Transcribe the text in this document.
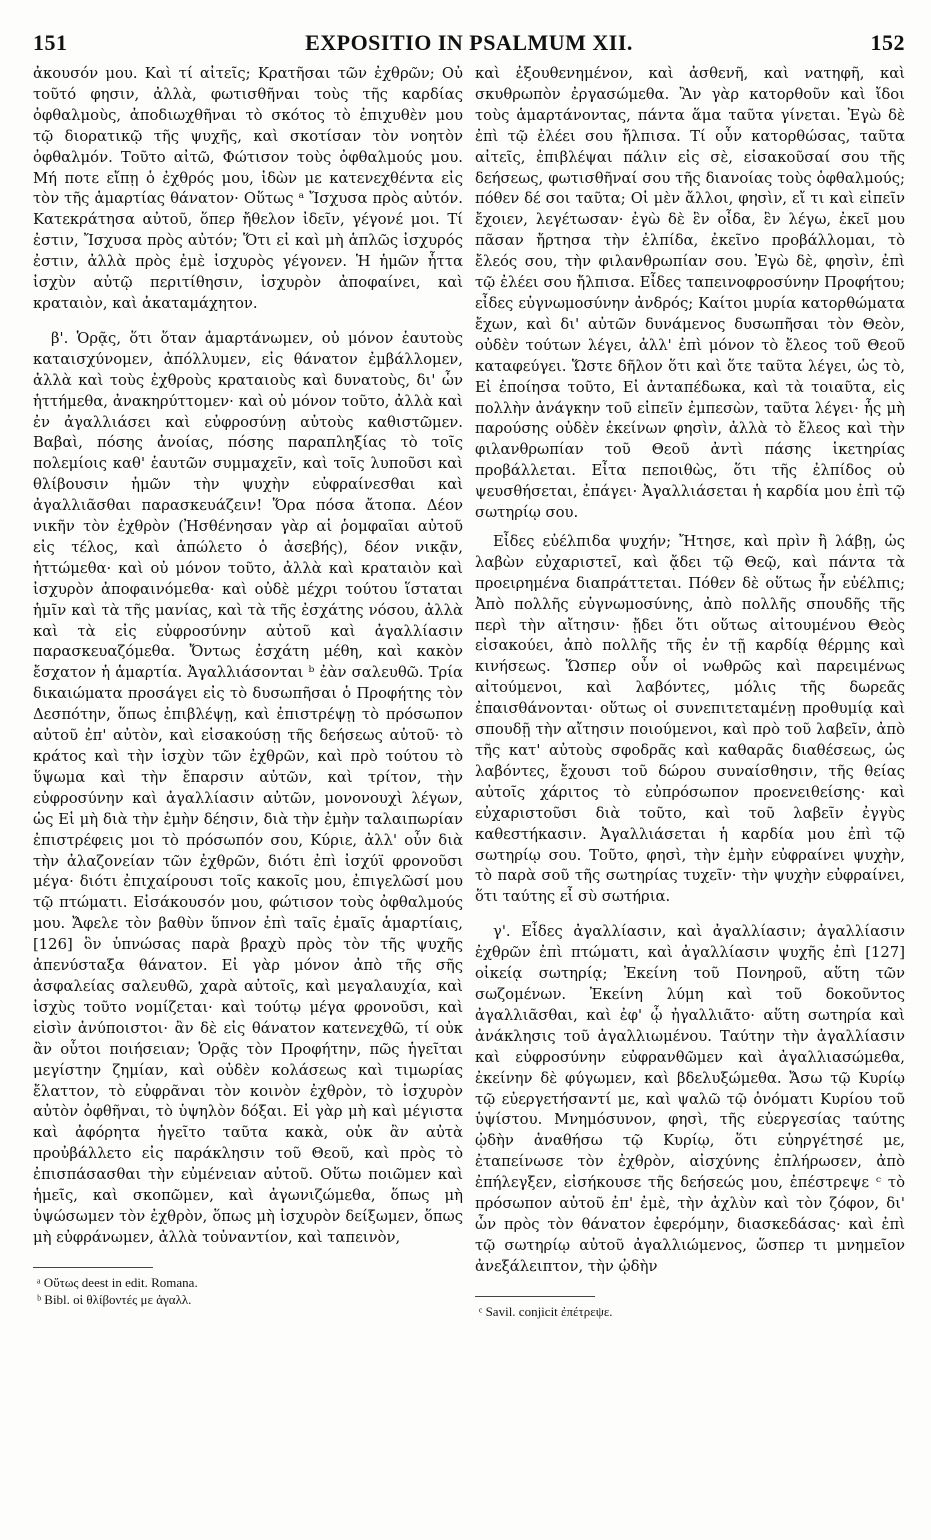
151	EXPOSITIO IN PSALMUM XII.	152

ἀκουσόν μου. Καὶ τί αἰτεῖς; Κρατῆσαι τῶν ἐχθρῶν; Οὐ τοῦτό φησιν, ἀλλὰ, φωτισθῆναι τοὺς τῆς καρδίας ὀφθαλμοὺς, ἀποδιωχθῆναι τὸ σκότος τὸ ἐπιχυθὲν μου τῷ διορατικῷ τῆς ψυχῆς, καὶ σκοτίσαν τὸν νοητὸν ὀφθαλμόν. Τοῦτο αἰτῶ, Φώτισον τοὺς ὀφθαλμούς μου. Μή ποτε εἴπῃ ὁ ἐχθρός μου, ἰδὼν με κατενεχθέντα εἰς τὸν τῆς ἁμαρτίας θάνατον· Οὕτως ᵃ Ἴσχυσα πρὸς αὐτόν. Κατεκράτησα αὐτοῦ, ὅπερ ἤθελον ἰδεῖν, γέγονέ μοι. Τί ἐστιν, Ἴσχυσα πρὸς αὐτόν; Ὅτι εἰ καὶ μὴ ἁπλῶς ἰσχυρός ἐστιν, ἀλλὰ πρὸς ἐμὲ ἰσχυρὸς γέγονεν. Ἡ ἡμῶν ἧττα ἰσχὺν αὐτῷ περιτίθησιν, ἰσχυρὸν ἀποφαίνει, καὶ κραταιὸν, καὶ ἀκαταμάχητον.

β'. Ὁρᾷς, ὅτι ὅταν ἁμαρτάνωμεν, οὐ μόνον ἑαυτοὺς καταισχύνομεν, ἀπόλλυμεν, εἰς θάνατον ἐμβάλλομεν, ἀλλὰ καὶ τοὺς ἐχθροὺς κραταιοὺς καὶ δυνατοὺς, δι' ὧν ἡττήμεθα, ἀνακηρύττομεν· καὶ οὐ μόνον τοῦτο, ἀλλὰ καὶ ἐν ἀγαλλιάσει καὶ εὐφροσύνῃ αὐτοὺς καθιστῶμεν. Βαβαὶ, πόσης ἀνοίας, πόσης παραπληξίας τὸ τοῖς πολεμίοις καθ' ἑαυτῶν συμμαχεῖν, καὶ τοῖς λυποῦσι καὶ θλίβουσιν ἡμῶν τὴν ψυχὴν εὐφραίνεσθαι καὶ ἀγαλλιᾶσθαι παρασκευάζειν! Ὅρα πόσα ἄτοπα. Δέον νικῆν τὸν ἐχθρὸν (Ἠσθένησαν γὰρ αἱ ῥομφαῖαι αὐτοῦ εἰς τέλος, καὶ ἀπώλετο ὁ ἀσεβής), δέον νικᾷν, ἡττώμεθα· καὶ οὐ μόνον τοῦτο, ἀλλὰ καὶ κραταιὸν καὶ ἰσχυρὸν ἀποφαινόμεθα· καὶ οὐδὲ μέχρι τούτου ἵσταται ἡμῖν καὶ τὰ τῆς μανίας, καὶ τὰ τῆς ἐσχάτης νόσου, ἀλλὰ καὶ τὰ εἰς εὐφροσύνην αὐτοῦ καὶ ἀγαλλίασιν παρασκευαζόμεθα. Ὄντως ἐσχάτη μέθη, καὶ κακὸν ἔσχατον ἡ ἁμαρτία. Ἀγαλλιάσονται ᵇ ἐὰν σαλευθῶ. Τρία δικαιώματα προσάγει εἰς τὸ δυσωπῆσαι ὁ Προφήτης τὸν Δεσπότην, ὅπως ἐπιβλέψῃ, καὶ ἐπιστρέψῃ τὸ πρόσωπον αὐτοῦ ἐπ' αὐτὸν, καὶ εἰσακούσῃ τῆς δεήσεως αὐτοῦ· τὸ κράτος καὶ τὴν ἰσχὺν τῶν ἐχθρῶν, καὶ πρὸ τούτου τὸ ὕψωμα καὶ τὴν ἔπαρσιν αὐτῶν, καὶ τρίτον, τὴν εὐφροσύνην καὶ ἀγαλλίασιν αὐτῶν, μονονουχὶ λέγων, ὡς Εἰ μὴ διὰ τὴν ἐμὴν δέησιν, διὰ τὴν ἐμὴν ταλαιπωρίαν ἐπιστρέφεις μοι τὸ πρόσωπόν σου, Κύριε, ἀλλ' οὖν διὰ τὴν ἀλαζονείαν τῶν ἐχθρῶν, διότι ἐπὶ ἰσχύϊ φρονοῦσι μέγα· διότι ἐπιχαίρουσι τοῖς κακοῖς μου, ἐπιγελῶσί μου τῷ πτώματι. Εἰσάκουσόν μου, φώτισον τοὺς ὀφθαλμούς μου. Ἄφελε τὸν βαθὺν ὕπνον ἐπὶ ταῖς ἐμαῖς ἁμαρτίαις, [126] ὃν ὑπνώσας παρὰ βραχὺ πρὸς τὸν τῆς ψυχῆς ἀπενύσταξα θάνατον. Εἰ γὰρ μόνον ἀπὸ τῆς σῆς ἀσφαλείας σαλευθῶ, χαρὰ αὐτοῖς, καὶ μεγαλαυχία, καὶ ἰσχὺς τοῦτο νομίζεται· καὶ τούτῳ μέγα φρονοῦσι, καὶ εἰσὶν ἀνύποιστοι· ἂν δὲ εἰς θάνατον κατενεχθῶ, τί οὐκ ἂν οὗτοι ποιήσειαν; Ὁρᾷς τὸν Προφήτην, πῶς ἡγεῖται μεγίστην ζημίαν, καὶ οὐδὲν κολάσεως καὶ τιμωρίας ἔλαττον, τὸ εὐφρᾶναι τὸν κοινὸν ἐχθρὸν, τὸ ἰσχυρὸν αὐτὸν ὀφθῆναι, τὸ ὑψηλὸν δόξαι. Εἰ γὰρ μὴ καὶ μέγιστα καὶ ἀφόρητα ἡγεῖτο ταῦτα κακὰ, οὐκ ἂν αὐτὰ προὐβάλλετο εἰς παράκλησιν τοῦ Θεοῦ, καὶ πρὸς τὸ ἐπισπάσασθαι τὴν εὐμένειαν αὐτοῦ. Οὕτω ποιῶμεν καὶ ἡμεῖς, καὶ σκοπῶμεν, καὶ ἀγωνιζώμεθα, ὅπως μὴ ὑψώσωμεν τὸν ἐχθρὸν, ὅπως μὴ ἰσχυρὸν δείξωμεν, ὅπως μὴ εὐφράνωμεν, ἀλλὰ τοὐναντίον, καὶ ταπεινὸν,

ᵃ Οὕτως deest in edit. Romana.
ᵇ Bibl. οἱ θλίβοντές με ἀγαλλ.

καὶ ἐξουθενημένον, καὶ ἀσθενῆ, καὶ νατηφῆ, καὶ σκυθρωπὸν ἐργασώμεθα. Ἂν γὰρ κατορθοῦν καὶ ἴδοι τοὺς ἁμαρτάνοντας, πάντα ἅμα ταῦτα γίνεται. Ἐγὼ δὲ ἐπὶ τῷ ἐλέει σου ἤλπισα. Τί οὖν κατορθώσας, ταῦτα αἰτεῖς, ἐπιβλέψαι πάλιν εἰς σὲ, εἰσακοῦσαί σου τῆς δεήσεως, φωτισθῆναί σου τῆς διανοίας τοὺς ὀφθαλμούς; πόθεν δέ σοι ταῦτα; Οἱ μὲν ἄλλοι, φησὶν, εἴ τι καὶ εἰπεῖν ἔχοιεν, λεγέτωσαν· ἐγὼ δὲ ἓν οἶδα, ἓν λέγω, ἐκεῖ μου πᾶσαν ἤρτησα τὴν ἐλπίδα, ἐκεῖνο προβάλλομαι, τὸ ἔλεός σου, τὴν φιλανθρωπίαν σου. Ἐγὼ δὲ, φησὶν, ἐπὶ τῷ ἐλέει σου ἤλπισα. Εἶδες ταπεινοφροσύνην Προφήτου; εἶδες εὐγνωμοσύνην ἀνδρός; Καίτοι μυρία κατορθώματα ἔχων, καὶ δι' αὐτῶν δυνάμενος δυσωπῆσαι τὸν Θεὸν, οὐδὲν τούτων λέγει, ἀλλ' ἐπὶ μόνον τὸ ἔλεος τοῦ Θεοῦ καταφεύγει. Ὥστε δῆλον ὅτι καὶ ὅτε ταῦτα λέγει, ὡς τὸ, Εἰ ἐποίησα τοῦτο, Εἰ ἀνταπέδωκα, καὶ τὰ τοιαῦτα, εἰς πολλὴν ἀνάγκην τοῦ εἰπεῖν ἐμπεσὼν, ταῦτα λέγει· ἧς μὴ παρούσης οὐδὲν ἐκείνων φησὶν, ἀλλὰ τὸ ἔλεος καὶ τὴν φιλανθρωπίαν τοῦ Θεοῦ ἀντὶ πάσης ἱκετηρίας προβάλλεται. Εἶτα πεποιθὼς, ὅτι τῆς ἐλπίδος οὐ ψευσθήσεται, ἐπάγει· Ἀγαλλιάσεται ἡ καρδία μου ἐπὶ τῷ σωτηρίῳ σου.

Εἶδες εὐέλπιδα ψυχήν; Ἤτησε, καὶ πρὶν ἢ λάβῃ, ὡς λαβὼν εὐχαριστεῖ, καὶ ᾄδει τῷ Θεῷ, καὶ πάντα τὰ προειρημένα διαπράττεται. Πόθεν δὲ οὕτως ἦν εὐέλπις; Ἀπὸ πολλῆς εὐγνωμοσύνης, ἀπὸ πολλῆς σπουδῆς τῆς περὶ τὴν αἴτησιν· ᾔδει ὅτι οὕτως αἰτουμένου Θεὸς εἰσακούει, ἀπὸ πολλῆς τῆς ἐν τῇ καρδίᾳ θέρμης καὶ κινήσεως. Ὥσπερ οὖν οἱ νωθρῶς καὶ παρειμένως αἰτούμενοι, καὶ λαβόντες, μόλις τῆς δωρεᾶς ἐπαισθάνονται· οὕτως οἱ συνεπιτεταμένῃ προθυμίᾳ καὶ σπουδῇ τὴν αἴτησιν ποιούμενοι, καὶ πρὸ τοῦ λαβεῖν, ἀπὸ τῆς κατ' αὐτοὺς σφοδρᾶς καὶ καθαρᾶς διαθέσεως, ὡς λαβόντες, ἔχουσι τοῦ δώρου συναίσθησιν, τῆς θείας αὐτοῖς χάριτος τὸ εὐπρόσωπον προενειθείσης· καὶ εὐχαριστοῦσι διὰ τοῦτο, καὶ τοῦ λαβεῖν ἐγγὺς καθεστήκασιν. Ἀγαλλιάσεται ἡ καρδία μου ἐπὶ τῷ σωτηρίῳ σου. Τοῦτο, φησὶ, τὴν ἐμὴν εὐφραίνει ψυχὴν, τὸ παρὰ σοῦ τῆς σωτηρίας τυχεῖν· τὴν ψυχὴν εὐφραίνει, ὅτι ταύτης εἶ σὺ σωτήρια.

γ'. Εἶδες ἀγαλλίασιν, καὶ ἀγαλλίασιν; ἀγαλλίασιν ἐχθρῶν ἐπὶ πτώματι, καὶ ἀγαλλίασιν ψυχῆς ἐπὶ [127] οἰκείᾳ σωτηρίᾳ; Ἐκείνη τοῦ Πονηροῦ, αὕτη τῶν σωζομένων. Ἐκείνη λύμη καὶ τοῦ δοκοῦντος ἀγαλλιᾶσθαι, καὶ ἐφ' ᾧ ἠγαλλιᾶτο· αὕτη σωτηρία καὶ ἀνάκλησις τοῦ ἀγαλλιωμένου. Ταύτην τὴν ἀγαλλίασιν καὶ εὐφροσύνην εὐφρανθῶμεν καὶ ἀγαλλιασώμεθα, ἐκείνην δὲ φύγωμεν, καὶ βδελυξώμεθα. Ἄσω τῷ Κυρίῳ τῷ εὐεργετήσαντί με, καὶ ψαλῶ τῷ ὀνόματι Κυρίου τοῦ ὑψίστου. Μνημόσυνον, φησὶ, τῆς εὐεργεσίας ταύτης ᾠδὴν ἀναθήσω τῷ Κυρίῳ, ὅτι εὐηργέτησέ με, ἐταπείνωσε τὸν ἐχθρὸν, αἰσχύνης ἐπλήρωσεν, ἀπὸ ἐπήλεγξεν, εἰσήκουσε τῆς δεήσεώς μου, ἐπέστρεψε ᶜ τὸ πρόσωπον αὐτοῦ ἐπ' ἐμὲ, τὴν ἀχλὺν καὶ τὸν ζόφον, δι' ὧν πρὸς τὸν θάνατον ἐφερόμην, διασκεδάσας· καὶ ἐπὶ τῷ σωτηρίῳ αὐτοῦ ἀγαλλιώμενος, ὥσπερ τι μνημεῖον ἀνεξάλειπτον, τὴν ᾠδὴν

ᶜ Savil. conjicit ἐπέτρεψε.
